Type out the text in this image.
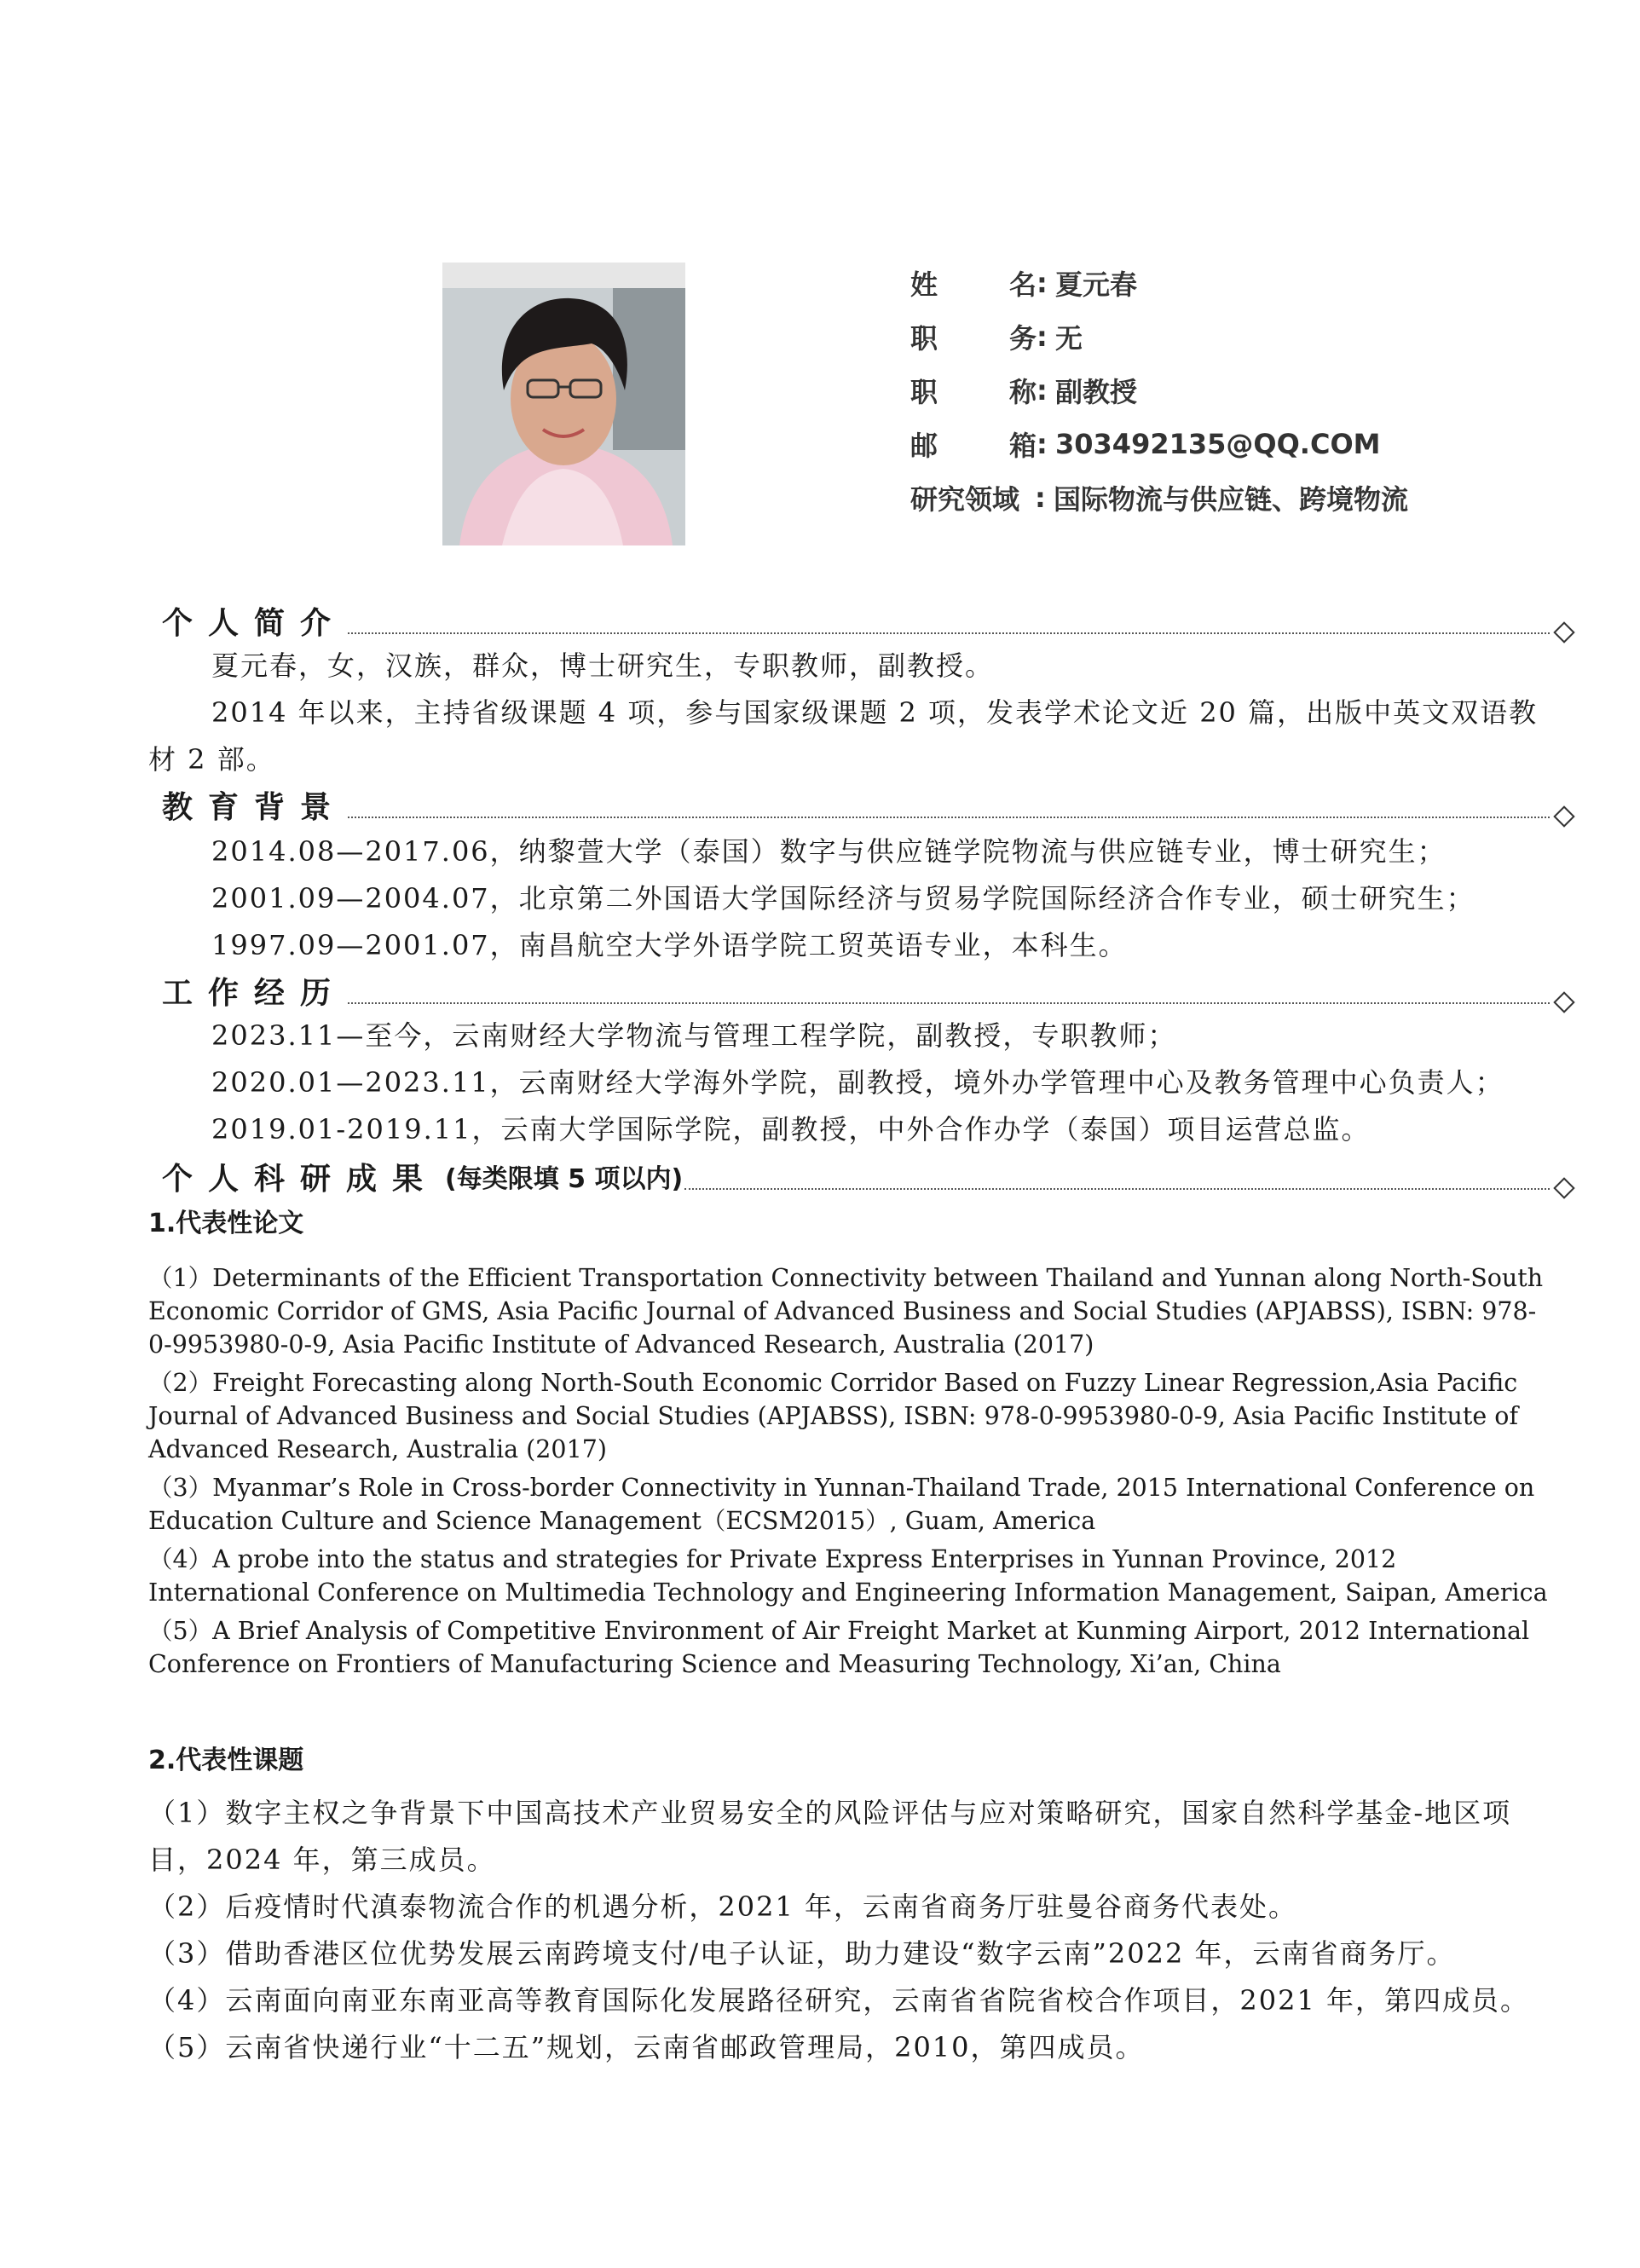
姓名 : 夏元春
职务 : 无
职称 : 副教授
邮箱 : 303492135@QQ.COM
研究领域 : 国际物流与供应链、跨境物流
个人简介

夏元春，女，汉族，群众，博士研究生，专职教师，副教授。

2014 年以来，主持省级课题 4 项，参与国家级课题 2 项，发表学术论文近 20 篇，出版中英文双语教材 2 部。

教育背景

2014.08—2017.06，纳黎萱大学（泰国）数字与供应链学院物流与供应链专业，博士研究生；

2001.09—2004.07，北京第二外国语大学国际经济与贸易学院国际经济合作专业，硕士研究生；

1997.09—2001.07，南昌航空大学外语学院工贸英语专业，本科生。

工作经历

2023.11—至今，云南财经大学物流与管理工程学院，副教授，专职教师；

2020.01—2023.11，云南财经大学海外学院，副教授，境外办学管理中心及教务管理中心负责人；

2019.01-2019.11，云南大学国际学院，副教授，中外合作办学（泰国）项目运营总监。

个人科研成果 (每类限填 5 项以内)
1.代表性论文

（1）Determinants of the Efficient Transportation Connectivity between Thailand and Yunnan along North-South Economic Corridor of GMS, Asia Pacific Journal of Advanced Business and Social Studies (APJABSS), ISBN: 978-0-9953980-0-9, Asia Pacific Institute of Advanced Research, Australia (2017)

（2）Freight Forecasting along North-South Economic Corridor Based on Fuzzy Linear Regression,Asia Pacific Journal of Advanced Business and Social Studies (APJABSS), ISBN: 978-0-9953980-0-9, Asia Pacific Institute of Advanced Research, Australia (2017)

（3）Myanmar’s Role in Cross-border Connectivity in Yunnan-Thailand Trade, 2015 International Conference on Education Culture and Science Management（ECSM2015）, Guam, America

（4）A probe into the status and strategies for Private Express Enterprises in Yunnan Province, 2012 International Conference on Multimedia Technology and Engineering Information Management, Saipan, America

（5）A Brief Analysis of Competitive Environment of Air Freight Market at Kunming Airport, 2012 International Conference on Frontiers of Manufacturing Science and Measuring Technology, Xi’an, China

2.代表性课题

（1）数字主权之争背景下中国高技术产业贸易安全的风险评估与应对策略研究，国家自然科学基金-地区项目，2024 年，第三成员。

（2）后疫情时代滇泰物流合作的机遇分析，2021 年，云南省商务厅驻曼谷商务代表处。

（3）借助香港区位优势发展云南跨境支付/电子认证，助力建设“数字云南”2022 年，云南省商务厅。

（4）云南面向南亚东南亚高等教育国际化发展路径研究，云南省省院省校合作项目，2021 年，第四成员。

（5）云南省快递行业“十二五”规划，云南省邮政管理局，2010，第四成员。
